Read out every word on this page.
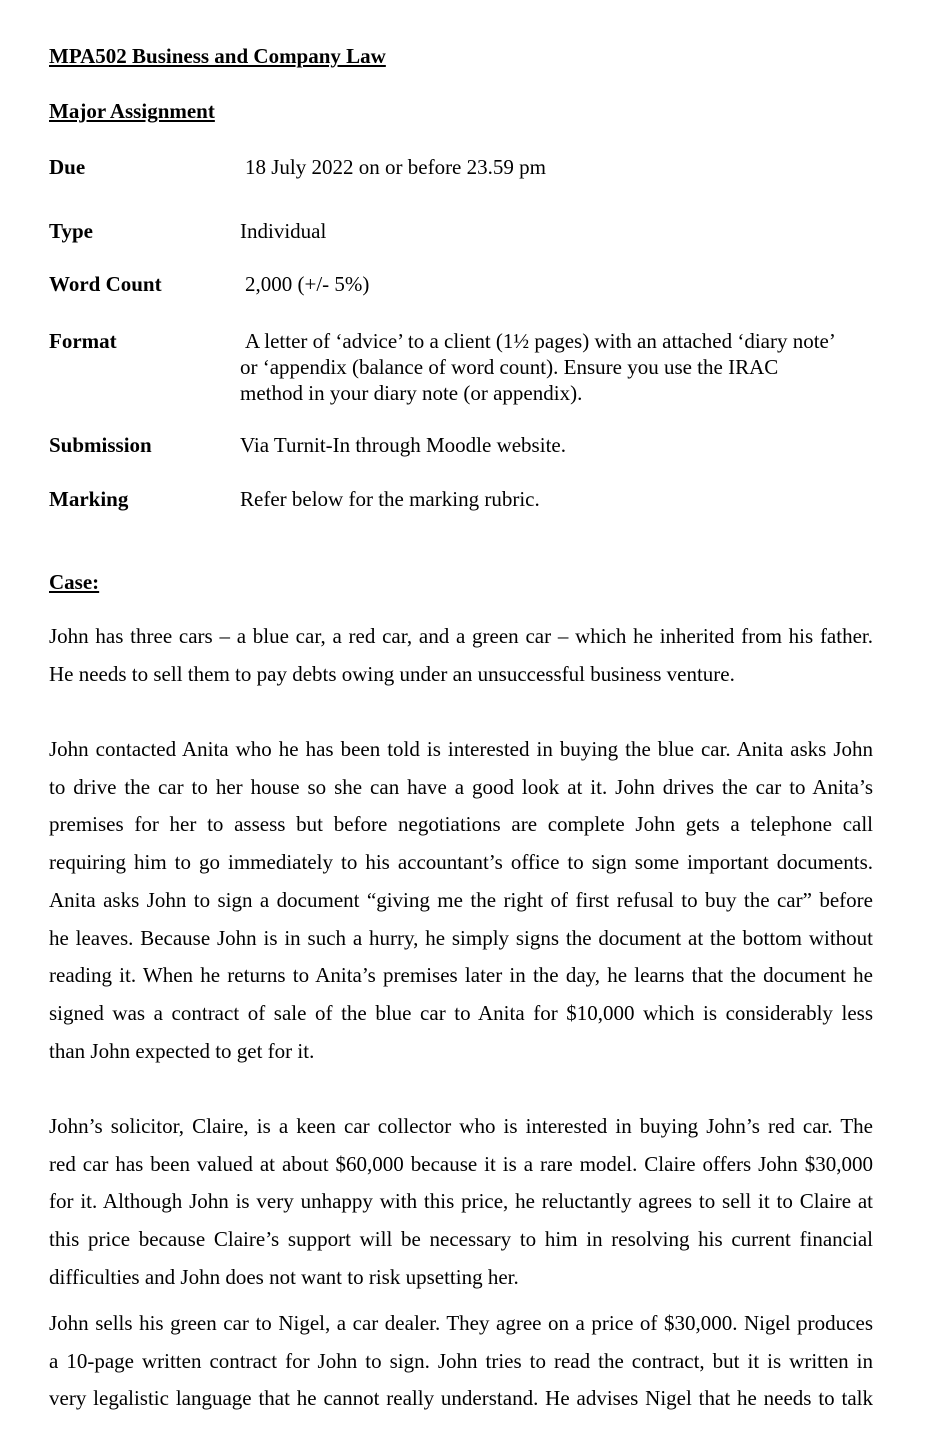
MPA502 Business and Company Law
Major Assignment
Due	18 July 2022 on or before 23.59 pm
Type	Individual
Word Count	2,000 (+/- 5%)
Format	A letter of ‘advice’ to a client (1½ pages) with an attached ‘diary note’
or ‘appendix (balance of word count). Ensure you use the IRAC
method in your diary note (or appendix).
Submission	Via Turnit-In through Moodle website.
Marking	Refer below for the marking rubric.
Case:
John has three cars – a blue car, a red car, and a green car – which he inherited from his father.
He needs to sell them to pay debts owing under an unsuccessful business venture.
John contacted Anita who he has been told is interested in buying the blue car. Anita asks John
to drive the car to her house so she can have a good look at it. John drives the car to Anita’s
premises for her to assess but before negotiations are complete John gets a telephone call
requiring him to go immediately to his accountant’s office to sign some important documents.
Anita asks John to sign a document “giving me the right of first refusal to buy the car” before
he leaves. Because John is in such a hurry, he simply signs the document at the bottom without
reading it. When he returns to Anita’s premises later in the day, he learns that the document he
signed was a contract of sale of the blue car to Anita for $10,000 which is considerably less
than John expected to get for it.
John’s solicitor, Claire, is a keen car collector who is interested in buying John’s red car. The
red car has been valued at about $60,000 because it is a rare model. Claire offers John $30,000
for it. Although John is very unhappy with this price, he reluctantly agrees to sell it to Claire at
this price because Claire’s support will be necessary to him in resolving his current financial
difficulties and John does not want to risk upsetting her.
John sells his green car to Nigel, a car dealer. They agree on a price of $30,000. Nigel produces
a 10-page written contract for John to sign. John tries to read the contract, but it is written in
very legalistic language that he cannot really understand. He advises Nigel that he needs to talk
